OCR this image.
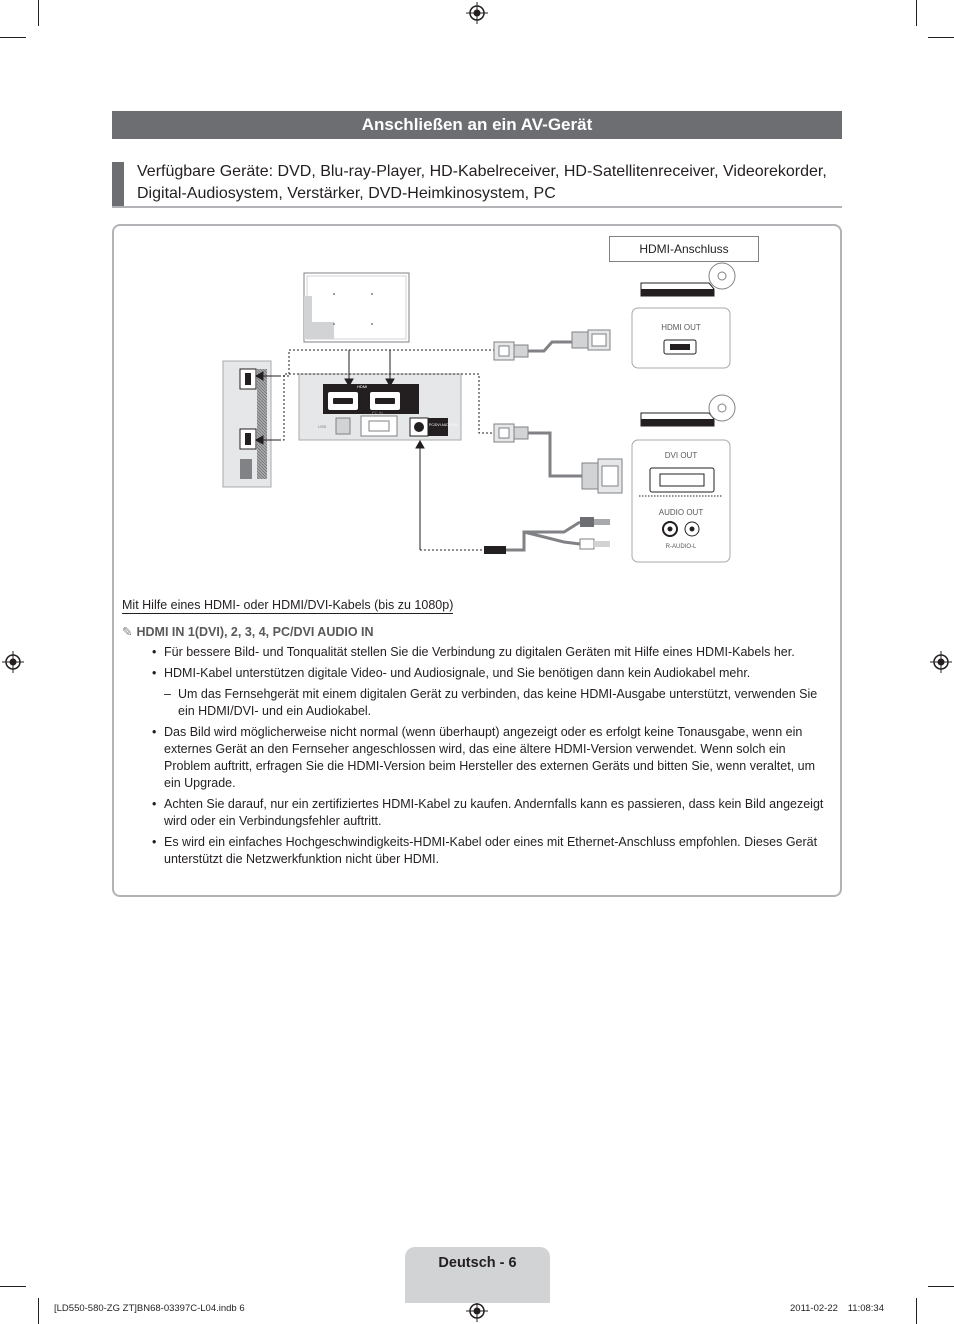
Anschließen an ein AV-Gerät
Verfügbare Geräte: DVD, Blu-ray-Player, HD-Kabelreceiver, HD-Satellitenreceiver, Videorekorder, Digital-Audiosystem, Verstärker, DVD-Heimkinosystem, PC
HDMI
PC IN
PC/DVI AUDIO IN
USB
HDMI OUT
DVI OUT
AUDIO OUT
R-AUDIO-L
HDMI-Anschluss
Mit Hilfe eines HDMI- oder HDMI/DVI-Kabels (bis zu 1080p)
✎ HDMI IN 1(DVI), 2, 3, 4, PC/DVI AUDIO IN
• Für bessere Bild- und Tonqualität stellen Sie die Verbindung zu digitalen Geräten mit Hilfe eines HDMI-Kabels her.
• HDMI-Kabel unterstützen digitale Video- und Audiosignale, und Sie benötigen dann kein Audiokabel mehr.
– Um das Fernsehgerät mit einem digitalen Gerät zu verbinden, das keine HDMI-Ausgabe unterstützt, verwenden Sie ein HDMI/DVI- und ein Audiokabel.
• Das Bild wird möglicherweise nicht normal (wenn überhaupt) angezeigt oder es erfolgt keine Tonausgabe, wenn ein externes Gerät an den Fernseher angeschlossen wird, das eine ältere HDMI-Version verwendet. Wenn solch ein Problem auftritt, erfragen Sie die HDMI-Version beim Hersteller des externen Geräts und bitten Sie, wenn veraltet, um ein Upgrade.
• Achten Sie darauf, nur ein zertifiziertes HDMI-Kabel zu kaufen. Andernfalls kann es passieren, dass kein Bild angezeigt wird oder ein Verbindungsfehler auftritt.
• Es wird ein einfaches Hochgeschwindigkeits-HDMI-Kabel oder eines mit Ethernet-Anschluss empfohlen. Dieses Gerät unterstützt die Netzwerkfunktion nicht über HDMI.
Deutsch - 6
[LD550-580-ZG ZT]BN68-03397C-L04.indb 6	2011-02-22    11:08:34
